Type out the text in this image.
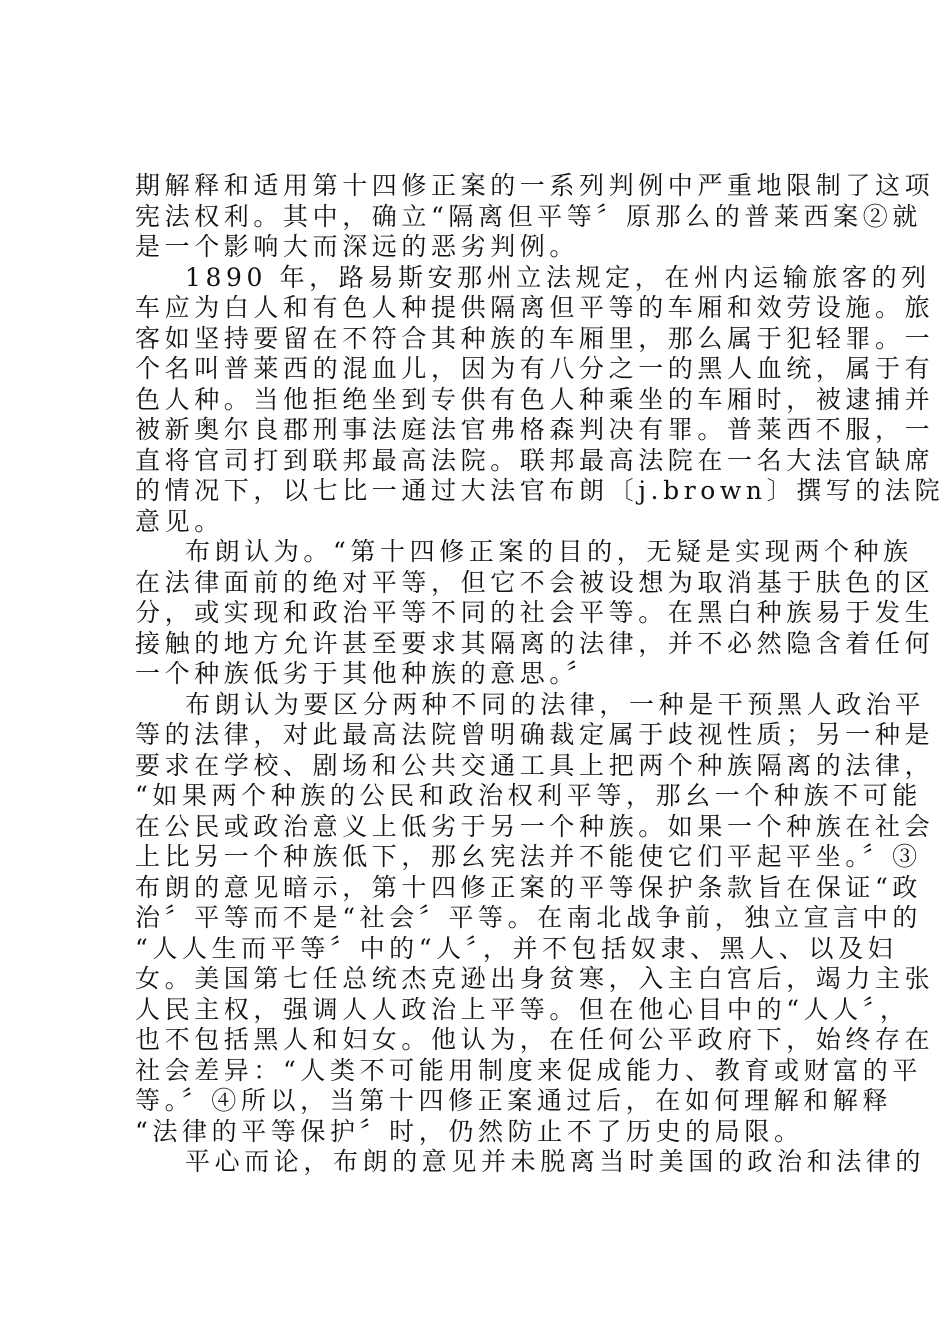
期解释和适用第十四修正案的一系列判例中严重地限制了这项
宪法权利。其中，确立“隔离但平等〞原那么的普莱西案②就
是一个影响大而深远的恶劣判例。
1890 年，路易斯安那州立法规定，在州内运输旅客的列
车应为白人和有色人种提供隔离但平等的车厢和效劳设施。旅
客如坚持要留在不符合其种族的车厢里，那么属于犯轻罪。一
个名叫普莱西的混血儿，因为有八分之一的黑人血统，属于有
色人种。当他拒绝坐到专供有色人种乘坐的车厢时，被逮捕并
被新奥尔良郡刑事法庭法官弗格森判决有罪。普莱西不服，一
直将官司打到联邦最高法院。联邦最高法院在一名大法官缺席
的情况下，以七比一通过大法官布朗〔j.brown〕撰写的法院
意见。
布朗认为。“第十四修正案的目的，无疑是实现两个种族
在法律面前的绝对平等，但它不会被设想为取消基于肤色的区
分，或实现和政治平等不同的社会平等。在黑白种族易于发生
接触的地方允许甚至要求其隔离的法律，并不必然隐含着任何
一个种族低劣于其他种族的意思。〞
布朗认为要区分两种不同的法律，一种是干预黑人政治平
等的法律，对此最高法院曾明确裁定属于歧视性质；另一种是
要求在学校、剧场和公共交通工具上把两个种族隔离的法律，
“如果两个种族的公民和政治权利平等，那幺一个种族不可能
在公民或政治意义上低劣于另一个种族。如果一个种族在社会
上比另一个种族低下，那幺宪法并不能使它们平起平坐。〞③
布朗的意见暗示，第十四修正案的平等保护条款旨在保证“政
治〞平等而不是“社会〞平等。在南北战争前，独立宣言中的
“人人生而平等〞中的“人〞，并不包括奴隶、黑人、以及妇
女。美国第七任总统杰克逊出身贫寒，入主白宫后，竭力主张
人民主权，强调人人政治上平等。但在他心目中的“人人〞，
也不包括黑人和妇女。他认为，在任何公平政府下，始终存在
社会差异：“人类不可能用制度来促成能力、教育或财富的平
等。〞④所以，当第十四修正案通过后，在如何理解和解释
“法律的平等保护〞时，仍然防止不了历史的局限。
平心而论，布朗的意见并未脱离当时美国的政治和法律的
